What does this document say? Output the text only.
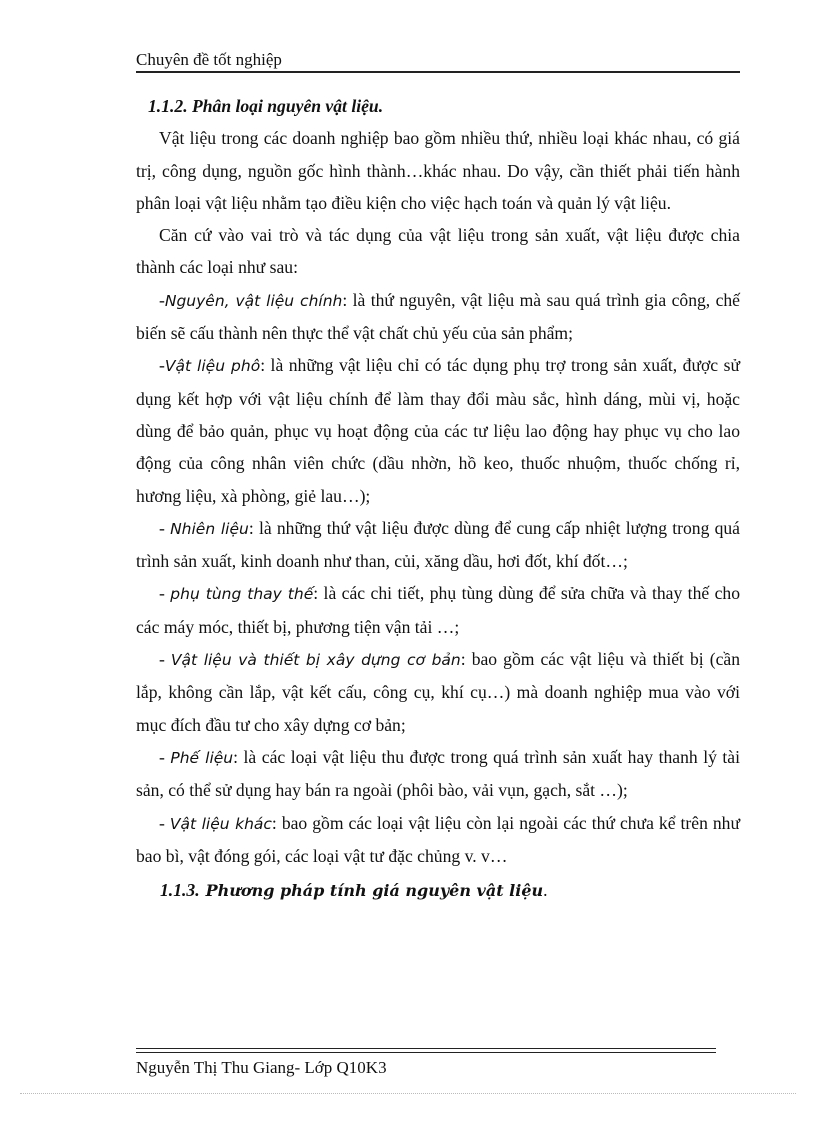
Chuyên đề tốt nghiệp

1.1.2. Phân loại nguyên vật liệu.

Vật liệu trong các doanh nghiệp bao gồm nhiều thứ, nhiều loại khác nhau, có giá trị, công dụng, nguồn gốc hình thành…khác nhau. Do vậy, cần thiết phải tiến hành phân loại vật liệu nhằm tạo điều kiện cho việc hạch toán và quản lý vật liệu.

Căn cứ vào vai trò và tác dụng của vật liệu trong sản xuất, vật liệu được chia thành các loại như sau:

-Nguyên, vật liệu chính: là thứ nguyên, vật liệu mà sau quá trình gia công, chế biến sẽ cấu thành nên thực thể vật chất chủ yếu của sản phẩm;

-Vật liệu phô: là những vật liệu chỉ có tác dụng phụ trợ trong sản xuất, được sử dụng kết hợp với vật liệu chính để làm thay đổi màu sắc, hình dáng, mùi vị, hoặc dùng để bảo quản, phục vụ hoạt động của các tư liệu lao động hay phục vụ cho lao động của công nhân viên chức (dầu nhờn, hồ keo, thuốc nhuộm, thuốc chống rỉ, hương liệu, xà phòng, giẻ lau…);

- Nhiên liệu: là những thứ vật liệu được dùng để cung cấp nhiệt lượng trong quá trình sản xuất, kinh doanh như than, củi, xăng dầu, hơi đốt, khí đốt…;

- phụ tùng thay thế: là các chi tiết, phụ tùng dùng để sửa chữa và thay thế cho các máy móc, thiết bị, phương tiện vận tải …;

- Vật liệu và thiết bị xây dựng cơ bản: bao gồm các vật liệu và thiết bị (cần lắp, không cần lắp, vật kết cấu, công cụ, khí cụ…) mà doanh nghiệp mua vào với mục đích đầu tư cho xây dựng cơ bản;

- Phế liệu: là các loại vật liệu thu được trong quá trình sản xuất hay thanh lý tài sản, có thể sử dụng hay bán ra ngoài (phôi bào, vải vụn, gạch, sắt …);

- Vật liệu khác: bao gồm các loại vật liệu còn lại ngoài các thứ chưa kể trên như bao bì, vật đóng gói, các loại vật tư đặc chủng v. v…

1.1.3. Phương pháp tính giá nguyên vật liệu.

Nguyễn Thị Thu Giang- Lớp Q10K3
